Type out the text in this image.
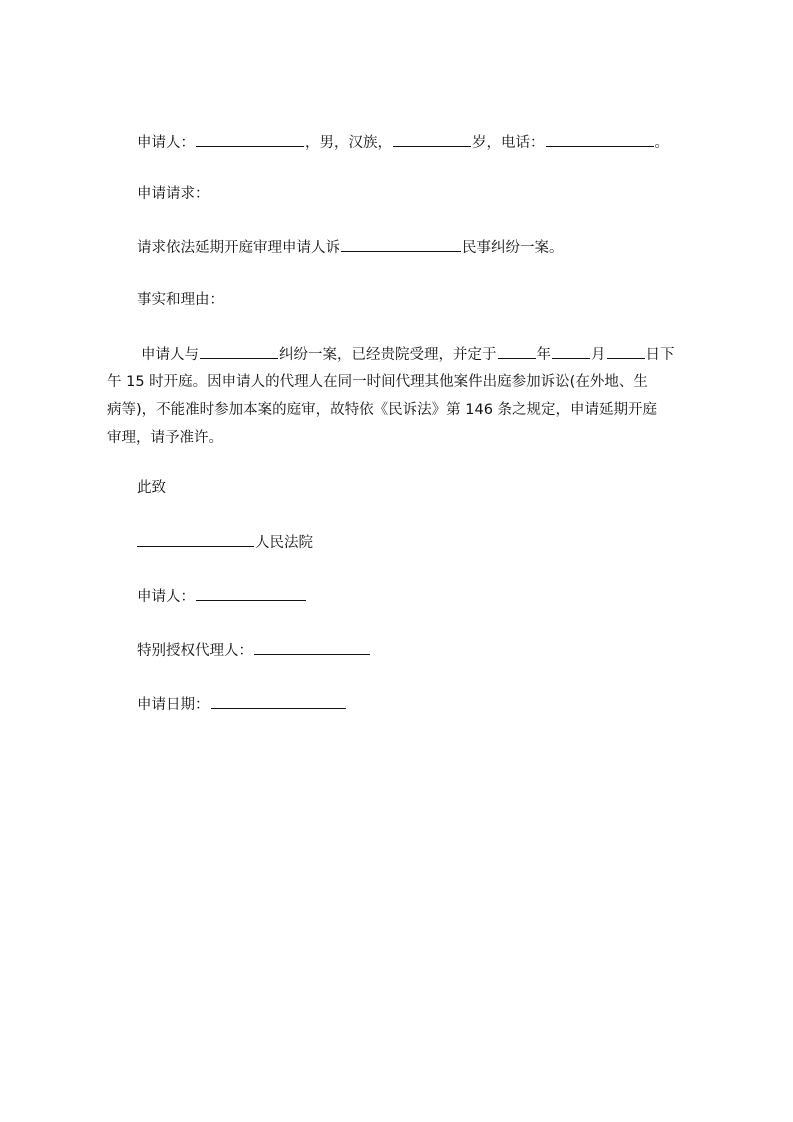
申请人：	，男，汉族，	岁，电话：	。
申请请求：
请求依法延期开庭审理申请人诉	民事纠纷一案。
事实和理由：
申请人与	纠纷一案，已经贵院受理，并定于	年	月	日下
午 15 时开庭。因申请人的代理人在同一时间代理其他案件出庭参加诉讼(在外地、生
病等)，不能准时参加本案的庭审，故特依《民诉法》第 146 条之规定，申请延期开庭
审理，请予准许。
此致
人民法院
申请人：
特别授权代理人：
申请日期：
